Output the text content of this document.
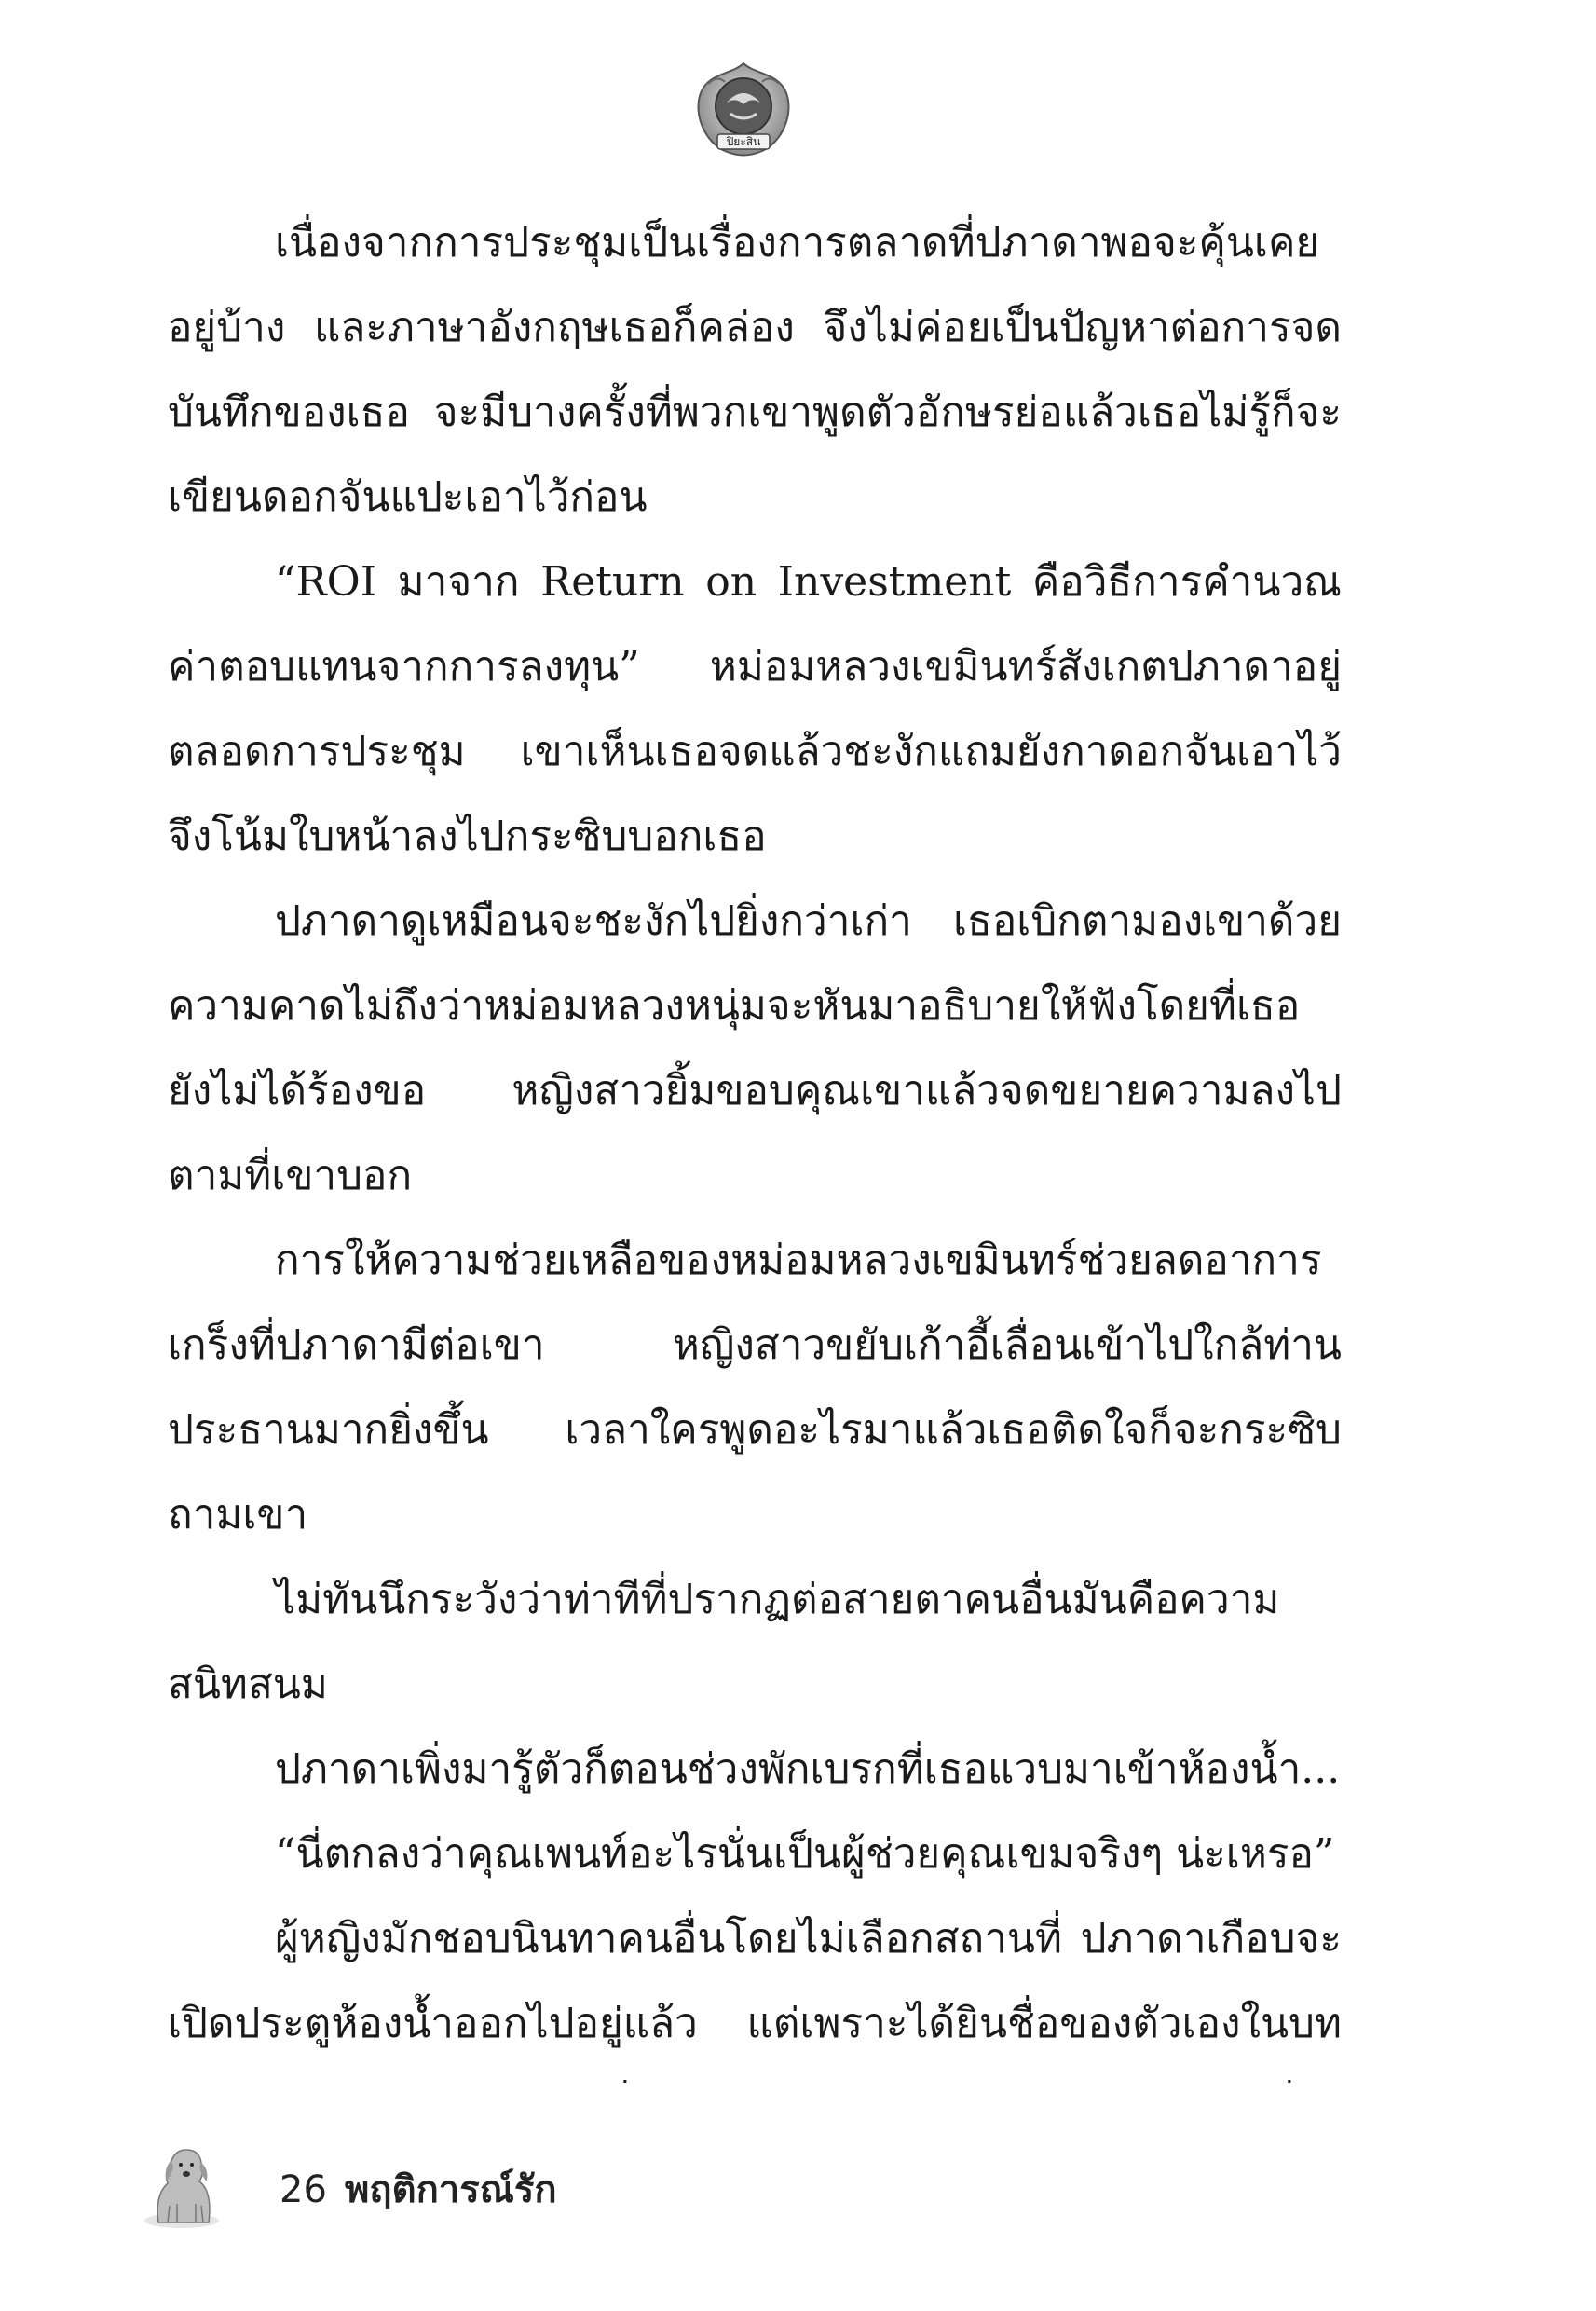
ปิยะสิน

เนื่องจากการประชุมเป็นเรื่องการตลาดที่ปภาดาพอจะคุ้นเคยอยู่บ้าง และภาษาอังกฤษเธอก็คล่อง จึงไม่ค่อยเป็นปัญหาต่อการจดบันทึกของเธอ จะมีบางครั้งที่พวกเขาพูดตัวอักษรย่อแล้วเธอไม่รู้ก็จะเขียนดอกจันแปะเอาไว้ก่อน

“ROI มาจาก Return on Investment คือวิธีการคำนวณค่าตอบแทนจากการลงทุน” หม่อมหลวงเขมินทร์สังเกตปภาดาอยู่ตลอดการประชุม เขาเห็นเธอจดแล้วชะงักแถมยังกาดอกจันเอาไว้จึงโน้มใบหน้าลงไปกระซิบบอกเธอ

ปภาดาดูเหมือนจะชะงักไปยิ่งกว่าเก่า เธอเบิกตามองเขาด้วยความคาดไม่ถึงว่าหม่อมหลวงหนุ่มจะหันมาอธิบายให้ฟังโดยที่เธอยังไม่ได้ร้องขอ หญิงสาวยิ้มขอบคุณเขาแล้วจดขยายความลงไปตามที่เขาบอก

การให้ความช่วยเหลือของหม่อมหลวงเขมินทร์ช่วยลดอาการเกร็งที่ปภาดามีต่อเขา หญิงสาวขยับเก้าอี้เลื่อนเข้าไปใกล้ท่านประธานมากยิ่งขึ้น เวลาใครพูดอะไรมาแล้วเธอติดใจก็จะกระซิบถามเขา

ไม่ทันนึกระวังว่าท่าทีที่ปรากฏต่อสายตาคนอื่นมันคือความสนิทสนม

ปภาดาเพิ่งมารู้ตัวก็ตอนช่วงพักเบรกที่เธอแวบมาเข้าห้องน้ำ...

“นี่ตกลงว่าคุณเพนท์อะไรนั่นเป็นผู้ช่วยคุณเขมจริงๆ น่ะเหรอ”

ผู้หญิงมักชอบนินทาคนอื่นโดยไม่เลือกสถานที่ ปภาดาเกือบจะเปิดประตูห้องน้ำออกไปอยู่แล้ว แต่เพราะได้ยินชื่อของตัวเองในบท

26 พฤติการณ์รัก
